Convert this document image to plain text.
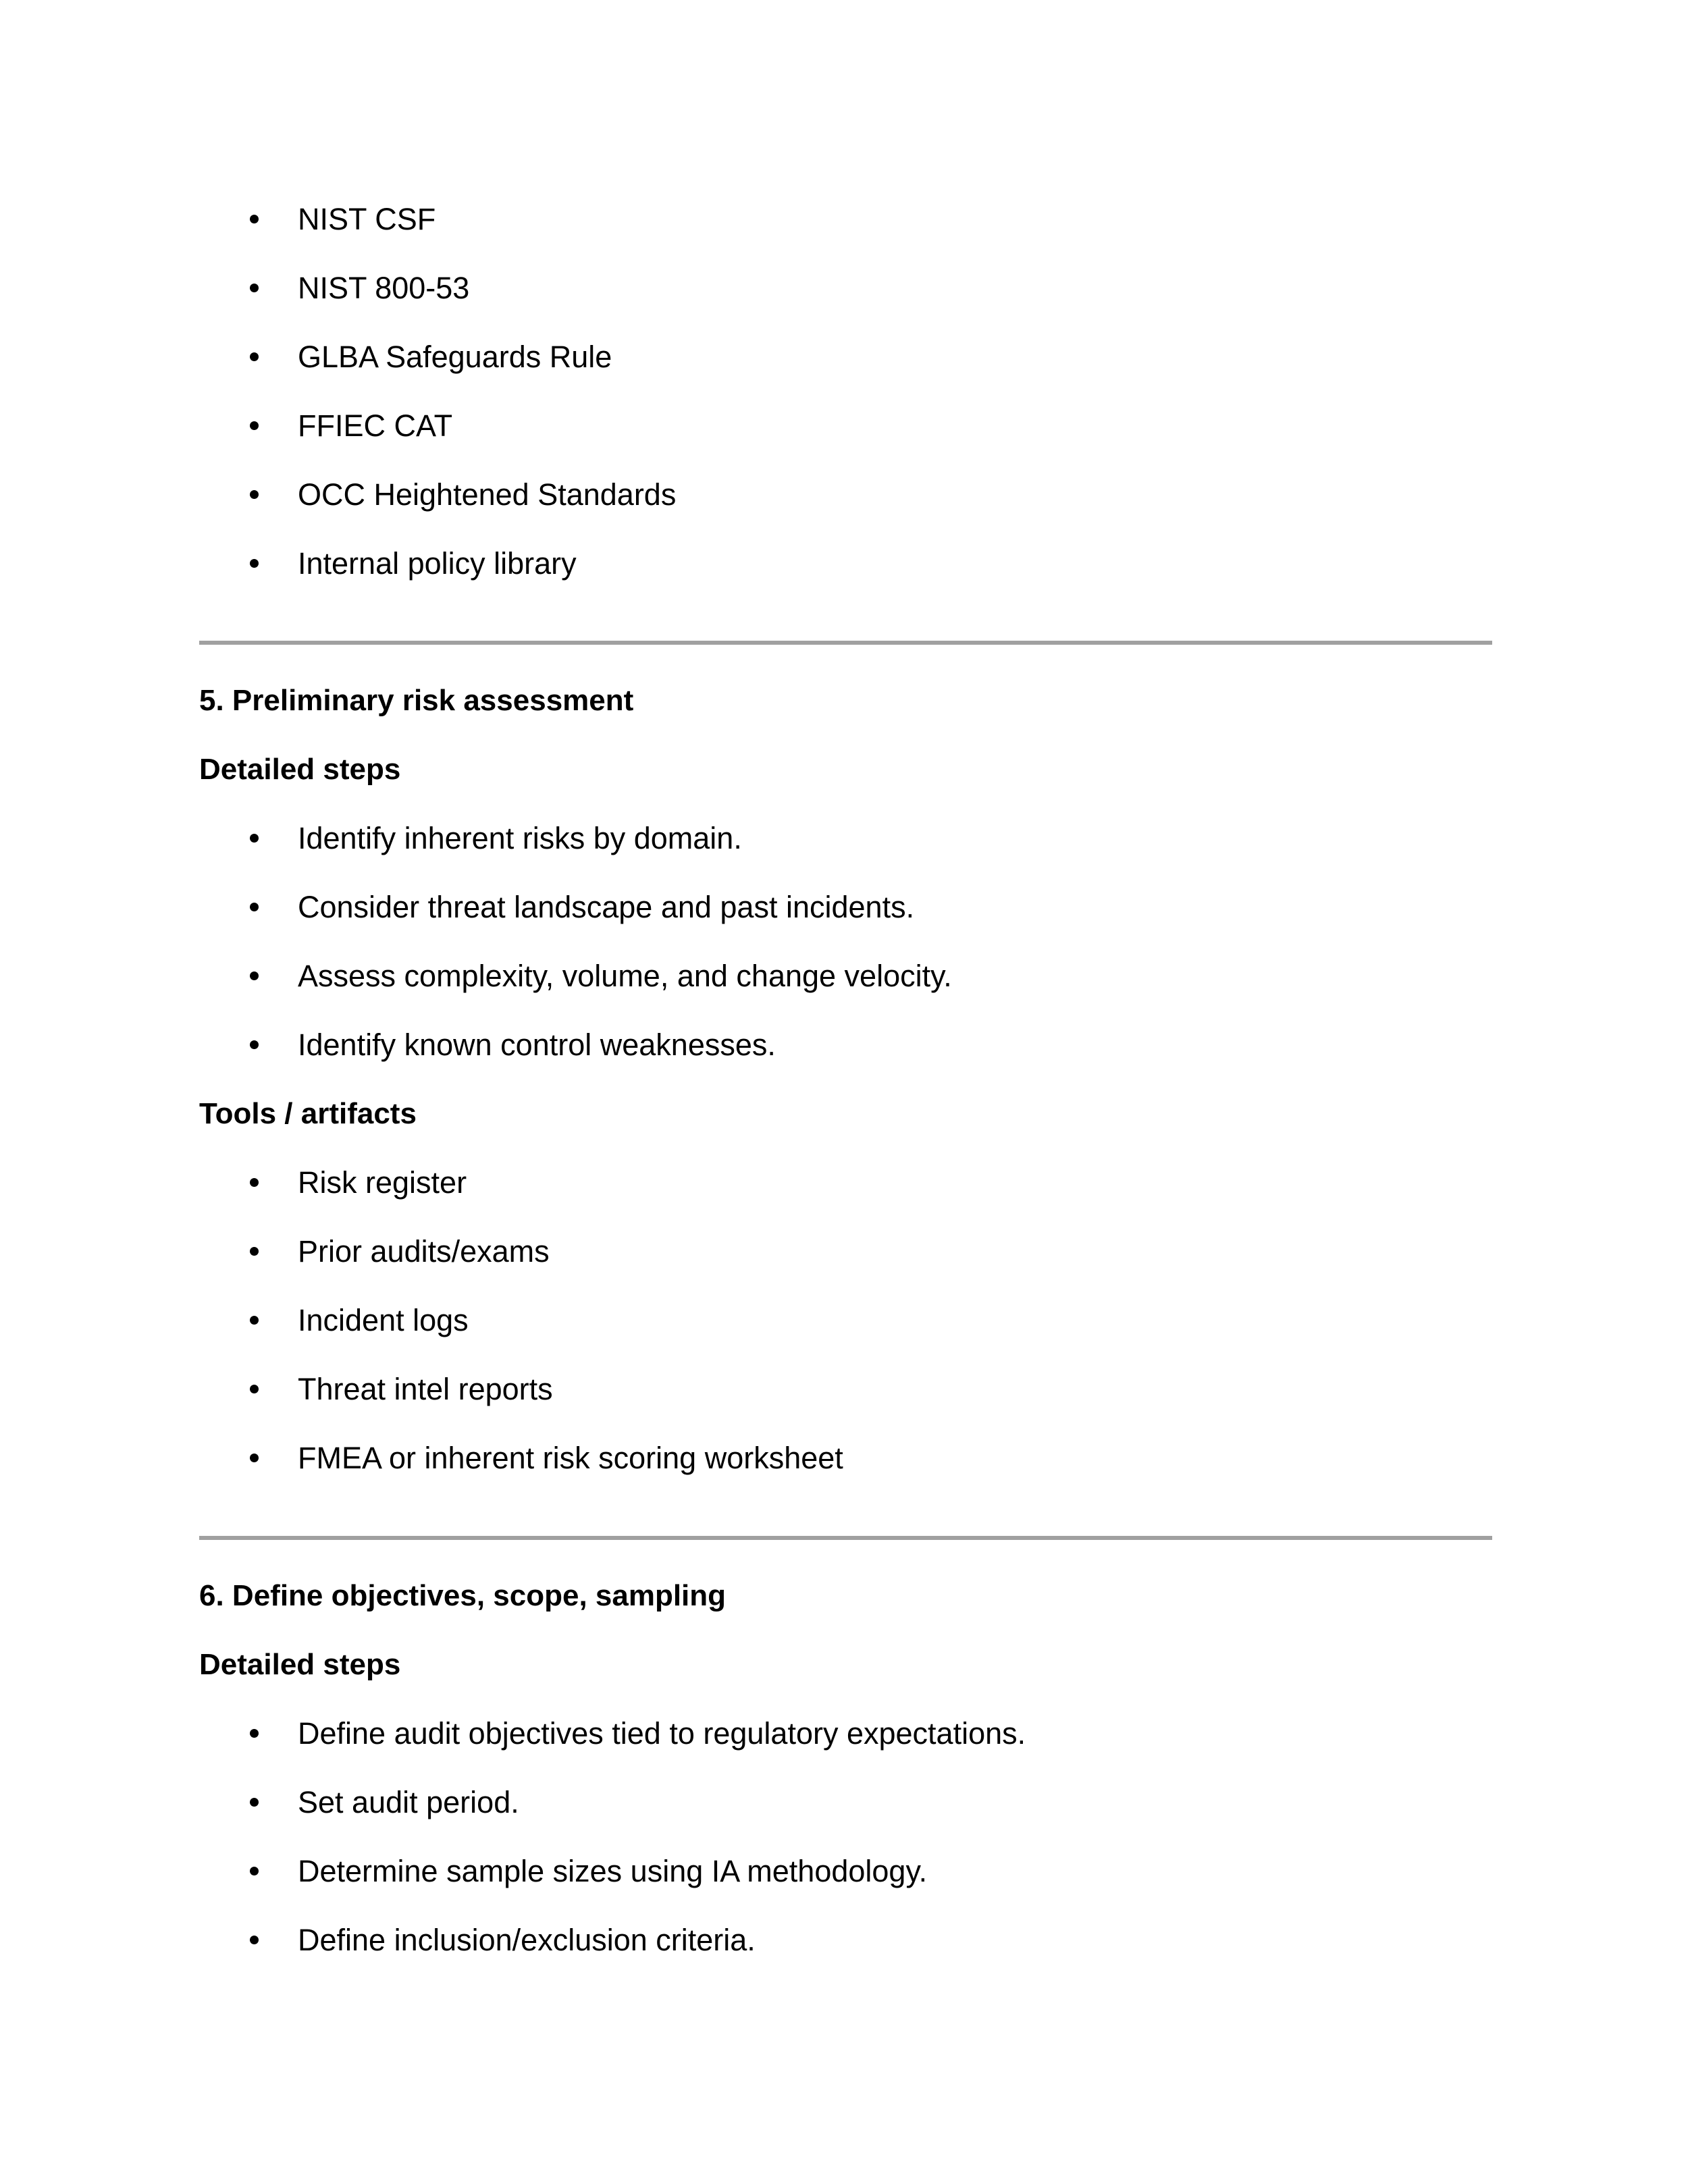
NIST CSF
NIST 800-53
GLBA Safeguards Rule
FFIEC CAT
OCC Heightened Standards
Internal policy library
5. Preliminary risk assessment
Detailed steps
Identify inherent risks by domain.
Consider threat landscape and past incidents.
Assess complexity, volume, and change velocity.
Identify known control weaknesses.
Tools / artifacts
Risk register
Prior audits/exams
Incident logs
Threat intel reports
FMEA or inherent risk scoring worksheet
6. Define objectives, scope, sampling
Detailed steps
Define audit objectives tied to regulatory expectations.
Set audit period.
Determine sample sizes using IA methodology.
Define inclusion/exclusion criteria.
